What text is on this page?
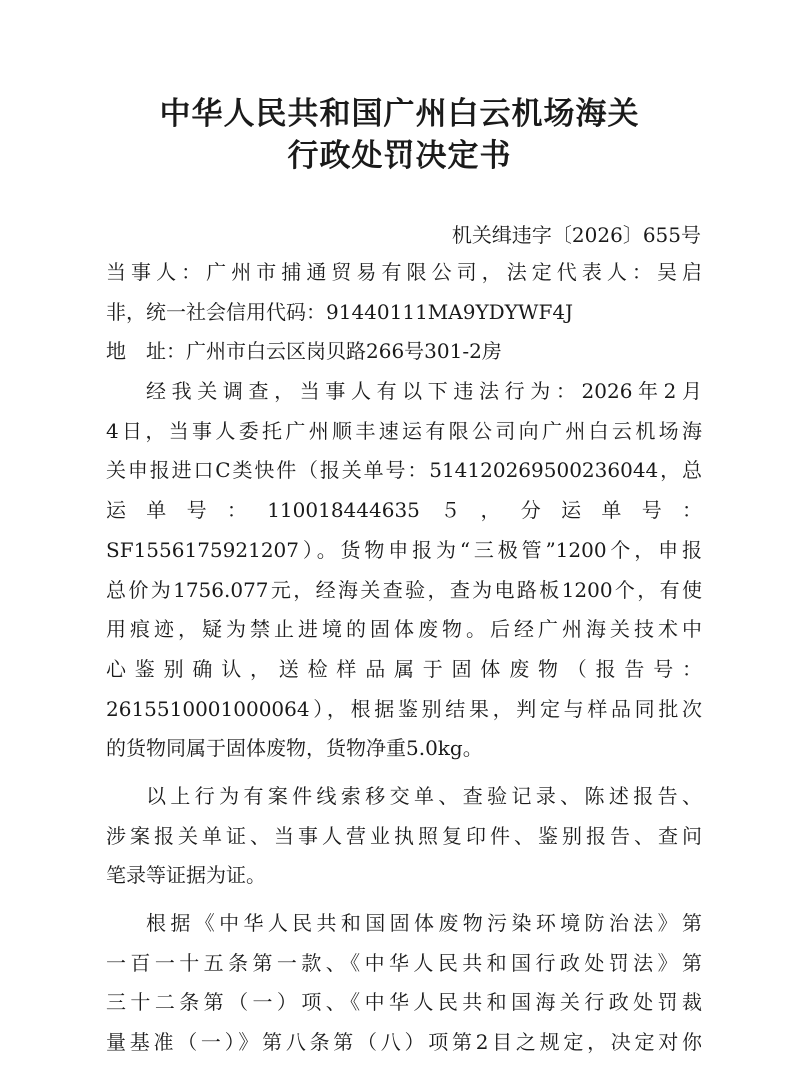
中华人民共和国广州白云机场海关
行政处罚决定书
机关缉违字〔2026〕655号
当事人：广州市捕通贸易有限公司，法定代表人：吴启
非，统一社会信用代码：91440111MA9YDYWF4J
地　址：广州市白云区岗贝路266号301-2房
经我关调查，当事人有以下违法行为：2026年2月
4日，当事人委托广州顺丰速运有限公司向广州白云机场海
关申报进口C类快件（报关单号：514120269500236044，总
运单号：110018444635５，分运单号：
SF1556175921207）。货物申报为“三极管”1200个，申报
总价为1756.077元，经海关查验，查为电路板1200个，有使
用痕迹，疑为禁止进境的固体废物。后经广州海关技术中
心鉴别确认，送检样品属于固体废物（报告号：
2615510001000064），根据鉴别结果，判定与样品同批次
的货物同属于固体废物，货物净重5.0kg。
以上行为有案件线索移交单、查验记录、陈述报告、
涉案报关单证、当事人营业执照复印件、鉴别报告、查问
笔录等证据为证。
根据《中华人民共和国固体废物污染环境防治法》第
一百一十五条第一款、《中华人民共和国行政处罚法》第
三十二条第（一）项、《中华人民共和国海关行政处罚裁
量基准（一）》第八条第（八）项第2目之规定，决定对你
